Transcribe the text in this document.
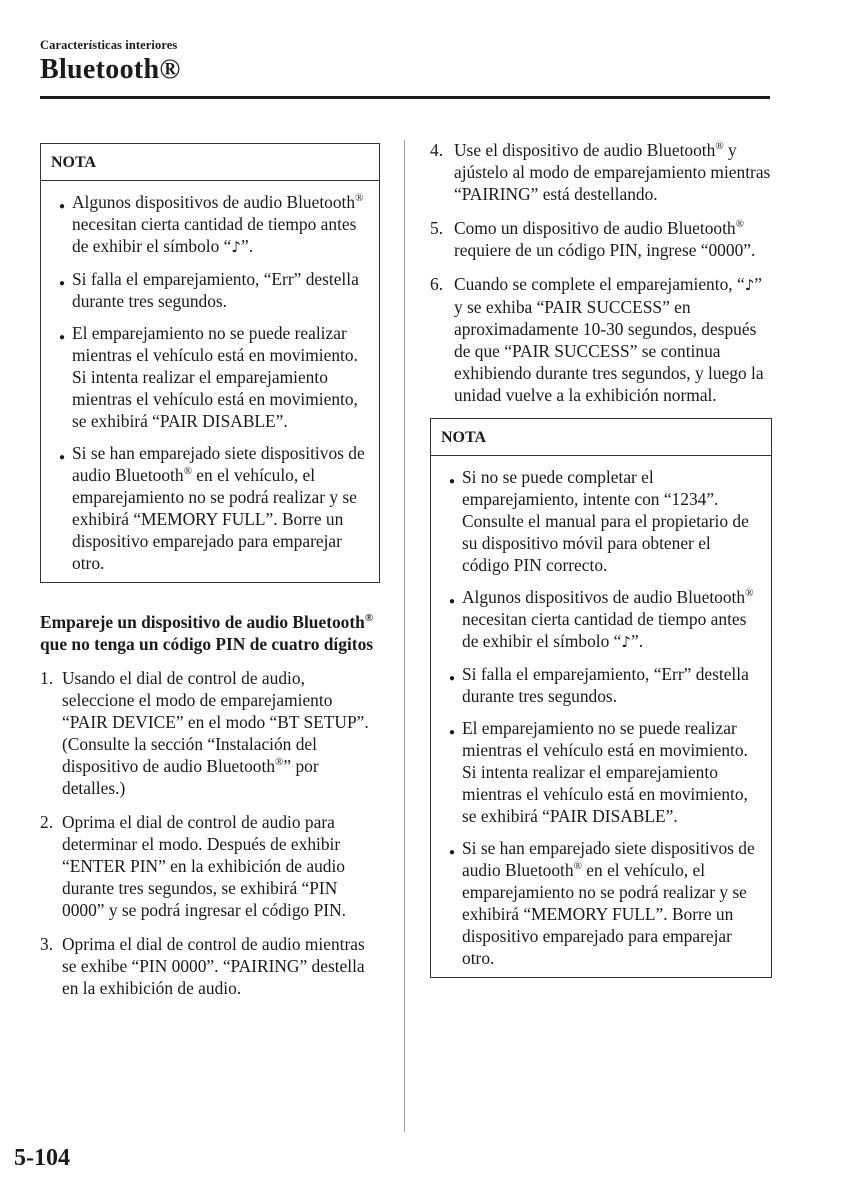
Características interiores
Bluetooth®
NOTA
● Algunos dispositivos de audio Bluetooth® necesitan cierta cantidad de tiempo antes de exhibir el símbolo “♪”.
● Si falla el emparejamiento, “Err” destella durante tres segundos.
● El emparejamiento no se puede realizar mientras el vehículo está en movimiento. Si intenta realizar el emparejamiento mientras el vehículo está en movimiento, se exhibirá “PAIR DISABLE”.
● Si se han emparejado siete dispositivos de audio Bluetooth® en el vehículo, el emparejamiento no se podrá realizar y se exhibirá “MEMORY FULL”. Borre un dispositivo emparejado para emparejar otro.
Empareje un dispositivo de audio Bluetooth® que no tenga un código PIN de cuatro dígitos
1. Usando el dial de control de audio, seleccione el modo de emparejamiento “PAIR DEVICE” en el modo “BT SETUP”. (Consulte la sección “Instalación del dispositivo de audio Bluetooth®” por detalles.)
2. Oprima el dial de control de audio para determinar el modo. Después de exhibir “ENTER PIN” en la exhibición de audio durante tres segundos, se exhibirá “PIN 0000” y se podrá ingresar el código PIN.
3. Oprima el dial de control de audio mientras se exhibe “PIN 0000”. “PAIRING” destella en la exhibición de audio.
4. Use el dispositivo de audio Bluetooth® y ajústelo al modo de emparejamiento mientras “PAIRING” está destellando.
5. Como un dispositivo de audio Bluetooth® requiere de un código PIN, ingrese “0000”.
6. Cuando se complete el emparejamiento, “♪” y se exhiba “PAIR SUCCESS” en aproximadamente 10-30 segundos, después de que “PAIR SUCCESS” se continua exhibiendo durante tres segundos, y luego la unidad vuelve a la exhibición normal.
NOTA
● Si no se puede completar el emparejamiento, intente con “1234”. Consulte el manual para el propietario de su dispositivo móvil para obtener el código PIN correcto.
● Algunos dispositivos de audio Bluetooth® necesitan cierta cantidad de tiempo antes de exhibir el símbolo “♪”.
● Si falla el emparejamiento, “Err” destella durante tres segundos.
● El emparejamiento no se puede realizar mientras el vehículo está en movimiento. Si intenta realizar el emparejamiento mientras el vehículo está en movimiento, se exhibirá “PAIR DISABLE”.
● Si se han emparejado siete dispositivos de audio Bluetooth® en el vehículo, el emparejamiento no se podrá realizar y se exhibirá “MEMORY FULL”. Borre un dispositivo emparejado para emparejar otro.
5-104
